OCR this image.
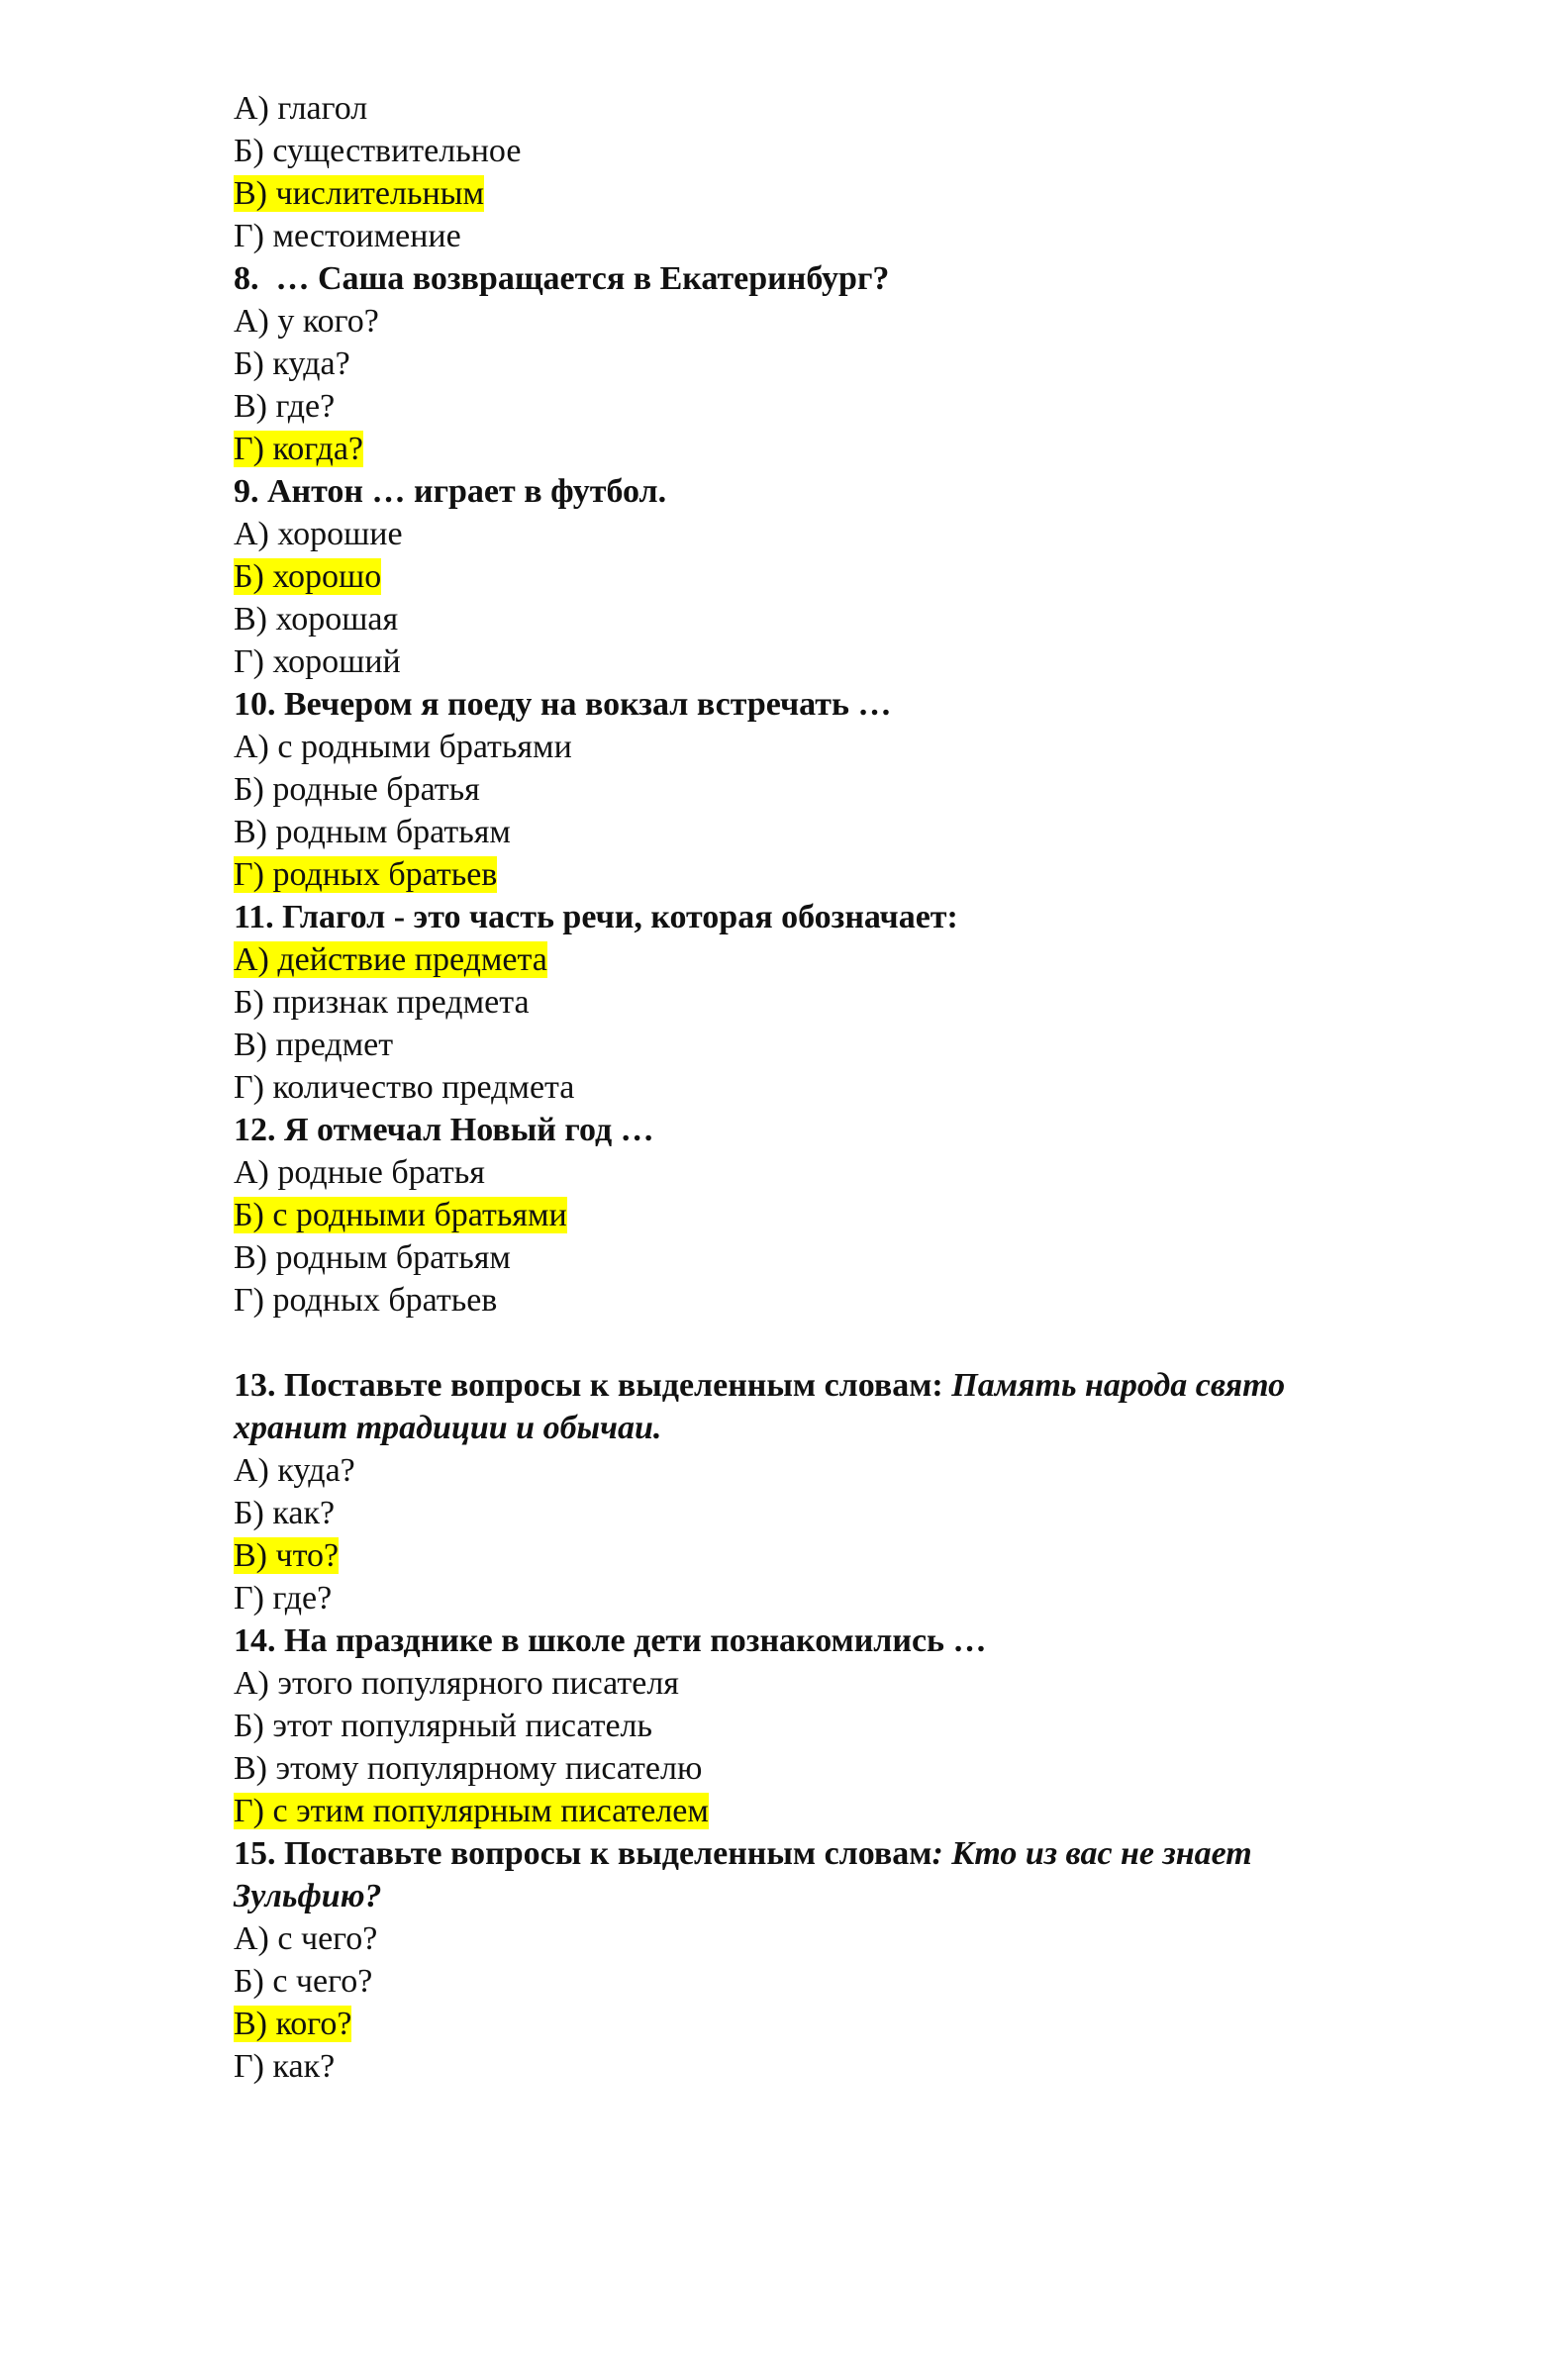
А) глагол

Б) существительное

В) числительным

Г) местоимение

8.  … Саша возвращается в Екатеринбург?

А) у кого?

Б) куда?

В) где?

Г) когда?

9. Антон … играет в футбол.

А) хорошие

Б) хорошо

В) хорошая

Г) хороший

10. Вечером я поеду на вокзал встречать …

А) с родными братьями

Б) родные братья

В) родным братьям

Г) родных братьев

11. Глагол - это часть речи, которая обозначает:

А) действие предмета

Б) признак предмета

В) предмет

Г) количество предмета

12. Я отмечал Новый год …

А) родные братья

Б) с родными братьями

В) родным братьям

Г) родных братьев

13. Поставьте вопросы к выделенным словам: Память народа свято хранит традиции и обычаи.

А) куда?

Б) как?

В) что?

Г) где?

14. На празднике в школе дети познакомились …

А) этого популярного писателя

Б) этот популярный писатель

В) этому популярному писателю

Г) с этим популярным писателем

15. Поставьте вопросы к выделенным словам: Кто из вас не знает   Зульфию?

А) с чего?

Б) с чего?

В) кого?

Г) как?
